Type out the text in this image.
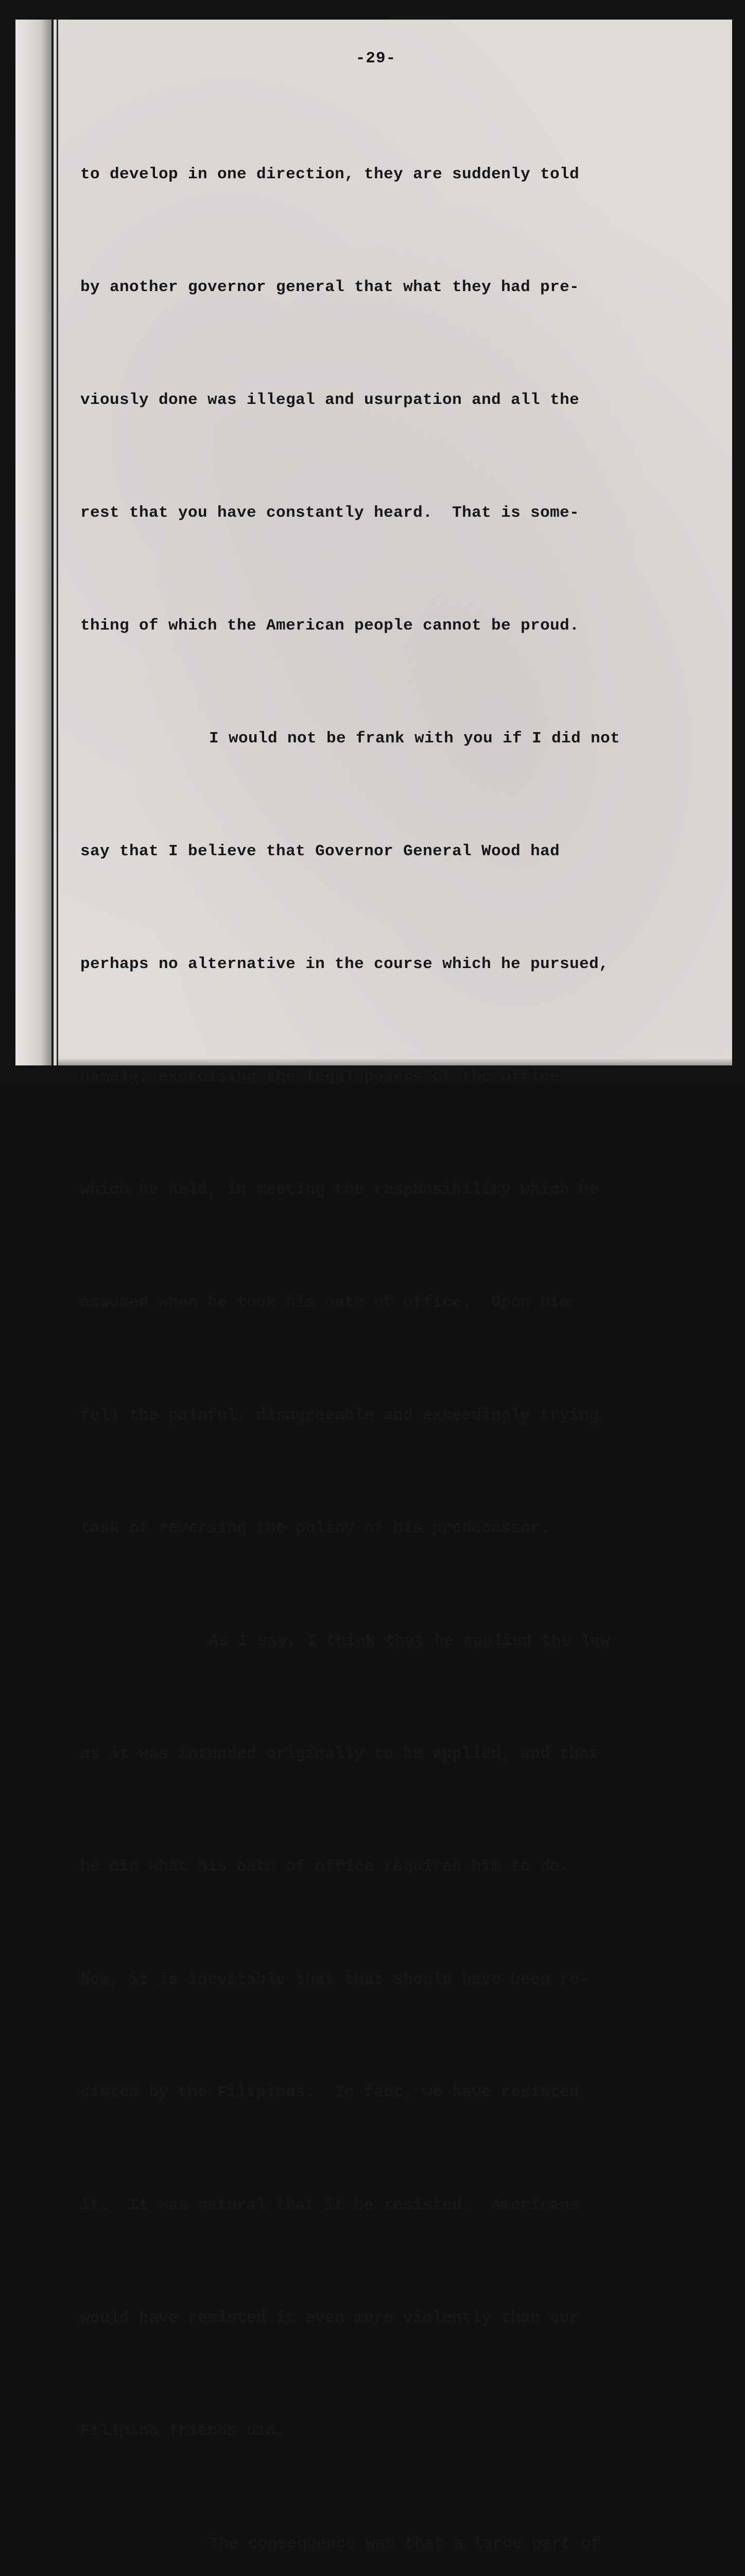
-29-

to develop in one direction, they are suddenly told

by another governor general that what they had pre-

viously done was illegal and usurpation and all the

rest that you have constantly heard.  That is some-

thing of which the American people cannot be proud.

I would not be frank with you if I did not

say that I believe that Governor General Wood had

perhaps no alternative in the course which he pursued,

namely, exercising the legal powers of the office

which he held, in meeting the responsibility which he

assumed when he took his oath of office.  Upon him

fell the painful, disagreeable and exceedingly trying

task of reversing the policy of his predecessor.

As I say, I think that he applied the law

as it was intended originally to be applied, and that

he did what his oath of office required him to do.

Now, it is inevitable that that should have been re-

sisted by the Filipinos.  In fact, we have resisted

it.  It was natural that it be resisted.  Americans

would have resisted it even more violently than our

Filipino friends did.

The consequence was that a large part of
